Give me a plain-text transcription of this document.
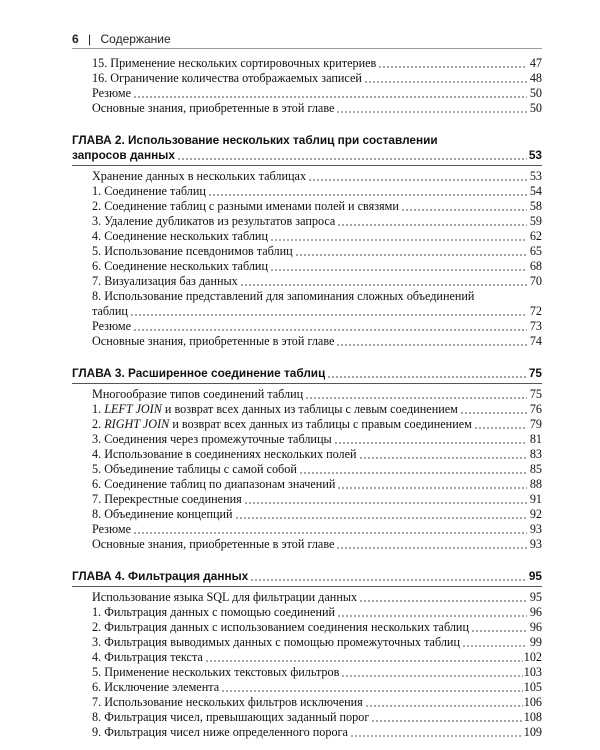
6 | Содержание
15. Применение нескольких сортировочных критериев	47
16. Ограничение количества отображаемых записей	48
Резюме	50
Основные знания, приобретенные в этой главе	50
ГЛАВА 2. Использование нескольких таблиц при составлении
запросов данных	53
Хранение данных в нескольких таблицах	53
1. Соединение таблиц	54
2. Соединение таблиц с разными именами полей и связями	58
3. Удаление дубликатов из результатов запроса	59
4. Соединение нескольких таблиц	62
5. Использование псевдонимов таблиц	65
6. Соединение нескольких таблиц	68
7. Визуализация баз данных	70
8. Использование представлений для запоминания сложных объединений
таблиц	72
Резюме	73
Основные знания, приобретенные в этой главе	74
ГЛАВА 3. Расширенное соединение таблиц	75
Многообразие типов соединений таблиц	75
1. LEFT JOIN и возврат всех данных из таблицы с левым соединением	76
2. RIGHT JOIN и возврат всех данных из таблицы с правым соединением	79
3. Соединения через промежуточные таблицы	81
4. Использование в соединениях нескольких полей	83
5. Объединение таблицы с самой собой	85
6. Соединение таблиц по диапазонам значений	88
7. Перекрестные соединения	91
8. Объединение концепций	92
Резюме	93
Основные знания, приобретенные в этой главе	93
ГЛАВА 4. Фильтрация данных	95
Использование языка SQL для фильтрации данных	95
1. Фильтрация данных с помощью соединений	96
2. Фильтрация данных с использованием соединения нескольких таблиц	96
3. Фильтрация выводимых данных с помощью промежуточных таблиц	99
4. Фильтрация текста	102
5. Применение нескольких текстовых фильтров	103
6. Исключение элемента	105
7. Использование нескольких фильтров исключения	106
8. Фильтрация чисел, превышающих заданный порог	108
9. Фильтрация чисел ниже определенного порога	109
